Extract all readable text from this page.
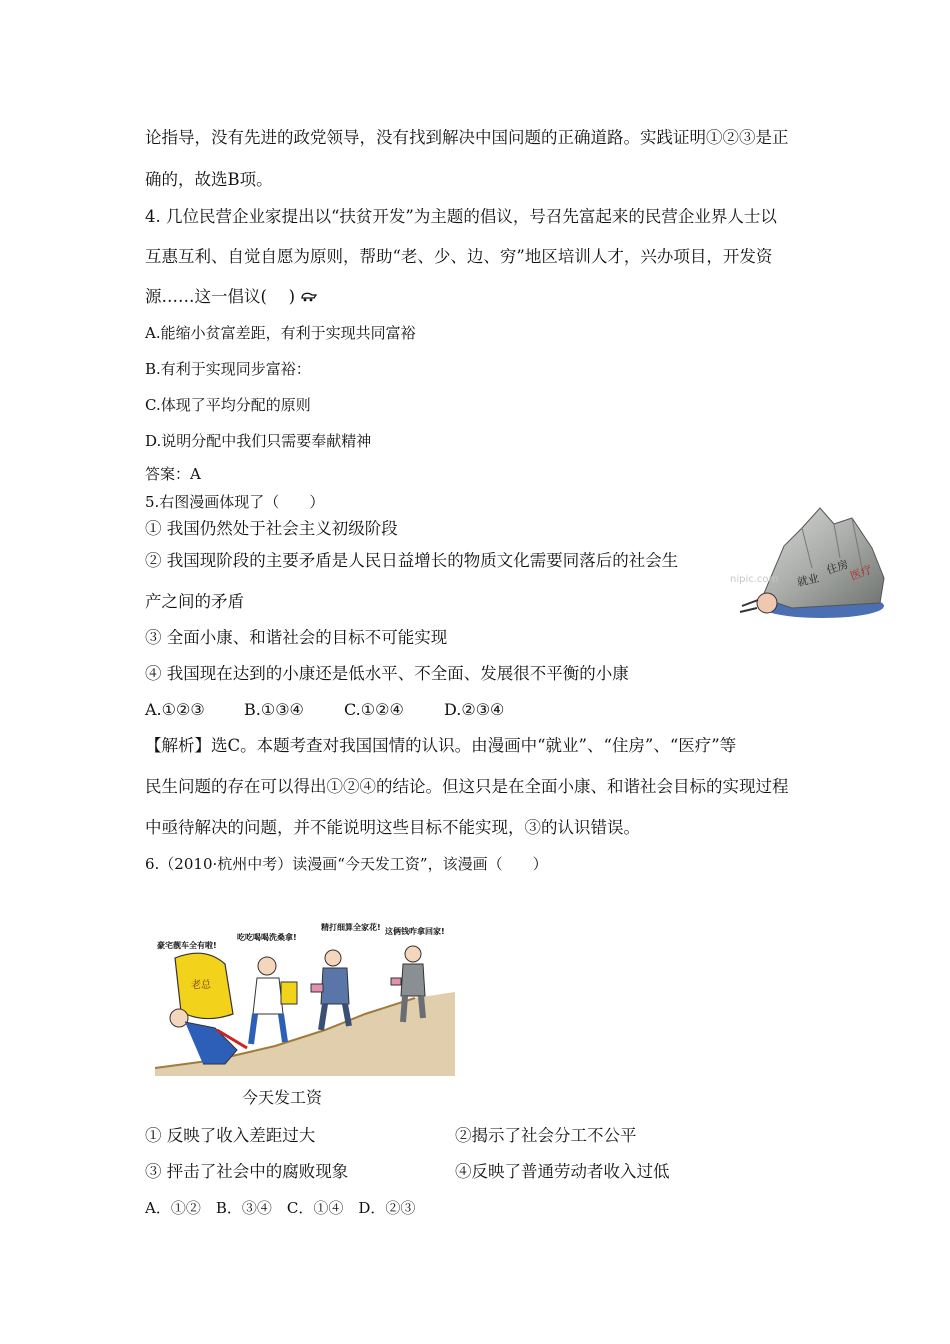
论指导，没有先进的政党领导，没有找到解决中国问题的正确道路。实践证明①②③是正
确的，故选B项。
4. 几位民营企业家提出以“扶贫开发”为主题的倡议，号召先富起来的民营企业界人士以
互惠互利、自觉自愿为原则，帮助“老、少、边、穷”地区培训人才，兴办项目，开发资
源……这一倡议(　 )
A.能缩小贫富差距，有利于实现共同富裕
B.有利于实现同步富裕：
C.体现了平均分配的原则
D.说明分配中我们只需要奉献精神
答案：A
5.右图漫画体现了（　　）
① 我国仍然处于社会主义初级阶段
② 我国现阶段的主要矛盾是人民日益增长的物质文化需要同落后的社会生
产之间的矛盾
③ 全面小康、和谐社会的目标不可能实现
④ 我国现在达到的小康还是低水平、不全面、发展很不平衡的小康
A.①②③ B.①③④	C.①②④	D.②③④
【解析】选C。本题考查对我国国情的认识。由漫画中“就业”、“住房”、“医疗”等
民生问题的存在可以得出①②④的结论。但这只是在全面小康、和谐社会目标的实现过程
中亟待解决的问题，并不能说明这些目标不能实现，③的认识错误。
6.（2010·杭州中考）读漫画“今天发工资”，该漫画（　　）
就业
住房
医疗
nipic.com
豪宅靓车全有啦!
吃吃喝喝洗桑拿!
精打细算全家花! 这俩钱咋拿回家!
老总
今天发工资
① 反映了收入差距过大	②揭示了社会分工不公平
③ 抨击了社会中的腐败现象	④反映了普通劳动者收入过低
A．①②　B．③④　C．①④　D．②③
